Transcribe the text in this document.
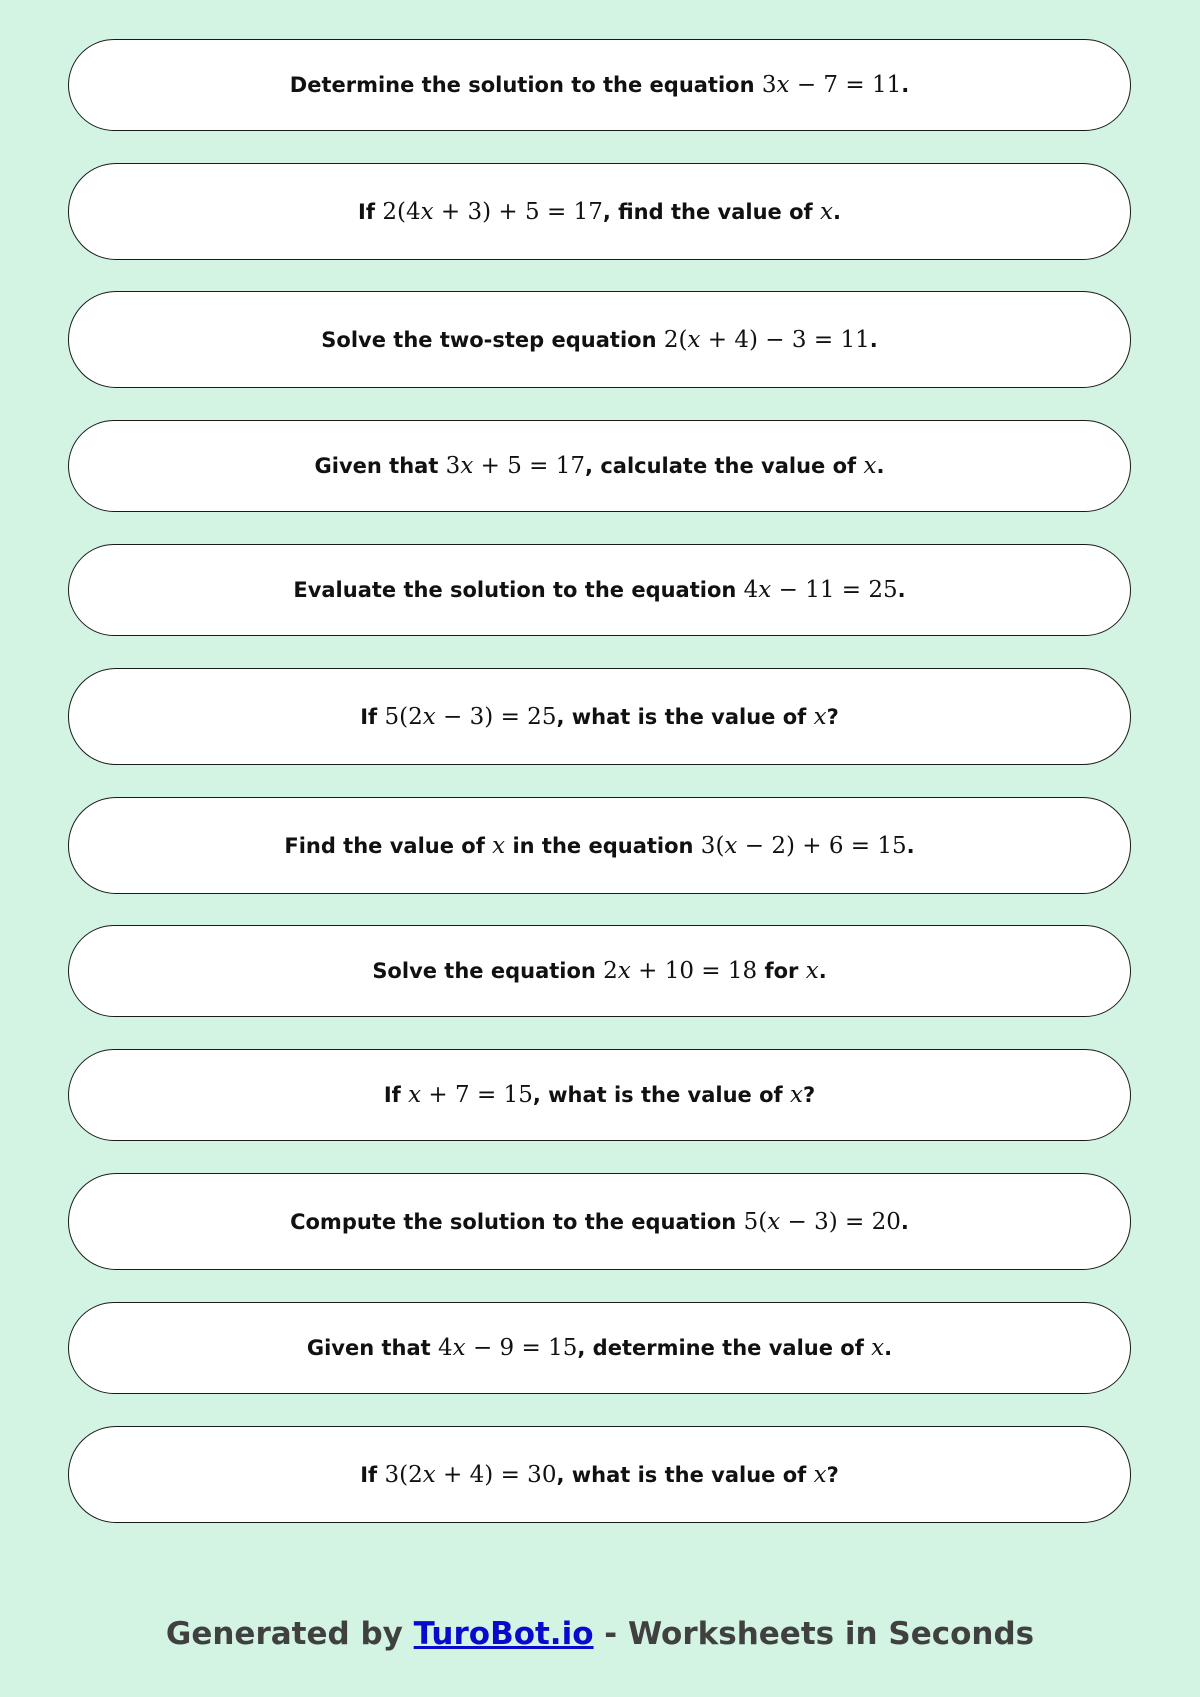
Determine the solution to the equation 3x − 7 = 11.
If 2(4x + 3) + 5 = 17, find the value of x.
Solve the two-step equation 2(x + 4) − 3 = 11.
Given that 3x + 5 = 17, calculate the value of x.
Evaluate the solution to the equation 4x − 11 = 25.
If 5(2x − 3) = 25, what is the value of x?
Find the value of x in the equation 3(x − 2) + 6 = 15.
Solve the equation 2x + 10 = 18 for x.
If x + 7 = 15, what is the value of x?
Compute the solution to the equation 5(x − 3) = 20.
Given that 4x − 9 = 15, determine the value of x.
If 3(2x + 4) = 30, what is the value of x?
Generated by TuroBot.io - Worksheets in Seconds
